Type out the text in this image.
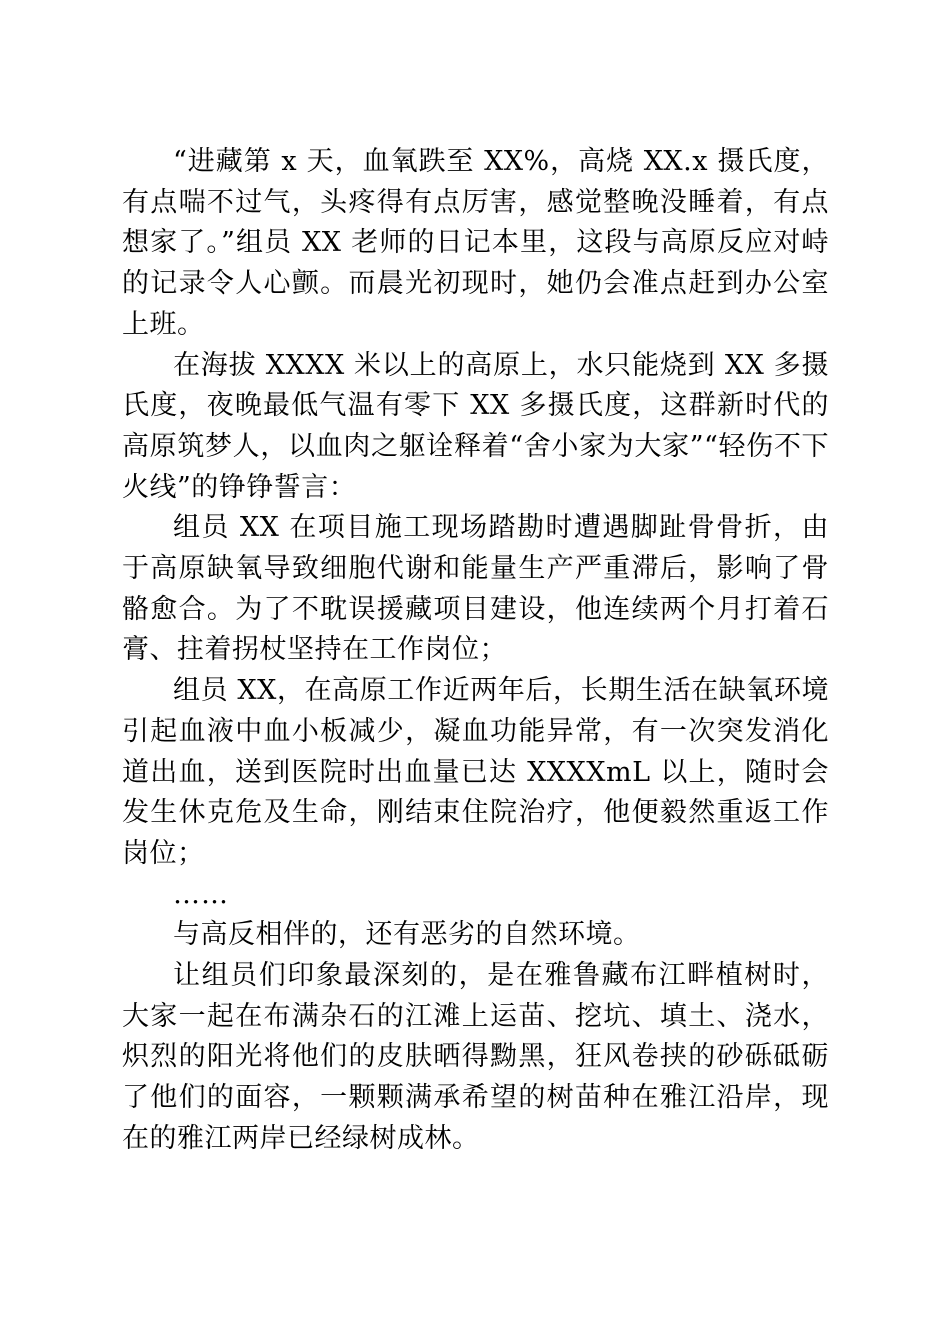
“进藏第 x 天，血氧跌至 XX%，高烧 XX.x 摄氏度，有点喘不过气，头疼得有点厉害，感觉整晚没睡着，有点想家了。”组员 XX 老师的日记本里，这段与高原反应对峙的记录令人心颤。而晨光初现时，她仍会准点赶到办公室上班。

在海拔 XXXX 米以上的高原上，水只能烧到 XX 多摄氏度，夜晚最低气温有零下 XX 多摄氏度，这群新时代的高原筑梦人，以血肉之躯诠释着“舍小家为大家”“轻伤不下火线”的铮铮誓言：

组员 XX 在项目施工现场踏勘时遭遇脚趾骨骨折，由于高原缺氧导致细胞代谢和能量生产严重滞后，影响了骨骼愈合。为了不耽误援藏项目建设，他连续两个月打着石膏、拄着拐杖坚持在工作岗位；

组员 XX，在高原工作近两年后，长期生活在缺氧环境引起血液中血小板减少，凝血功能异常，有一次突发消化道出血，送到医院时出血量已达 XXXXmL 以上，随时会发生休克危及生命，刚结束住院治疗，他便毅然重返工作岗位；

……

与高反相伴的，还有恶劣的自然环境。

让组员们印象最深刻的，是在雅鲁藏布江畔植树时，大家一起在布满杂石的江滩上运苗、挖坑、填土、浇水，炽烈的阳光将他们的皮肤晒得黝黑，狂风卷挟的砂砾砥砺了他们的面容，一颗颗满承希望的树苗种在雅江沿岸，现在的雅江两岸已经绿树成林。
